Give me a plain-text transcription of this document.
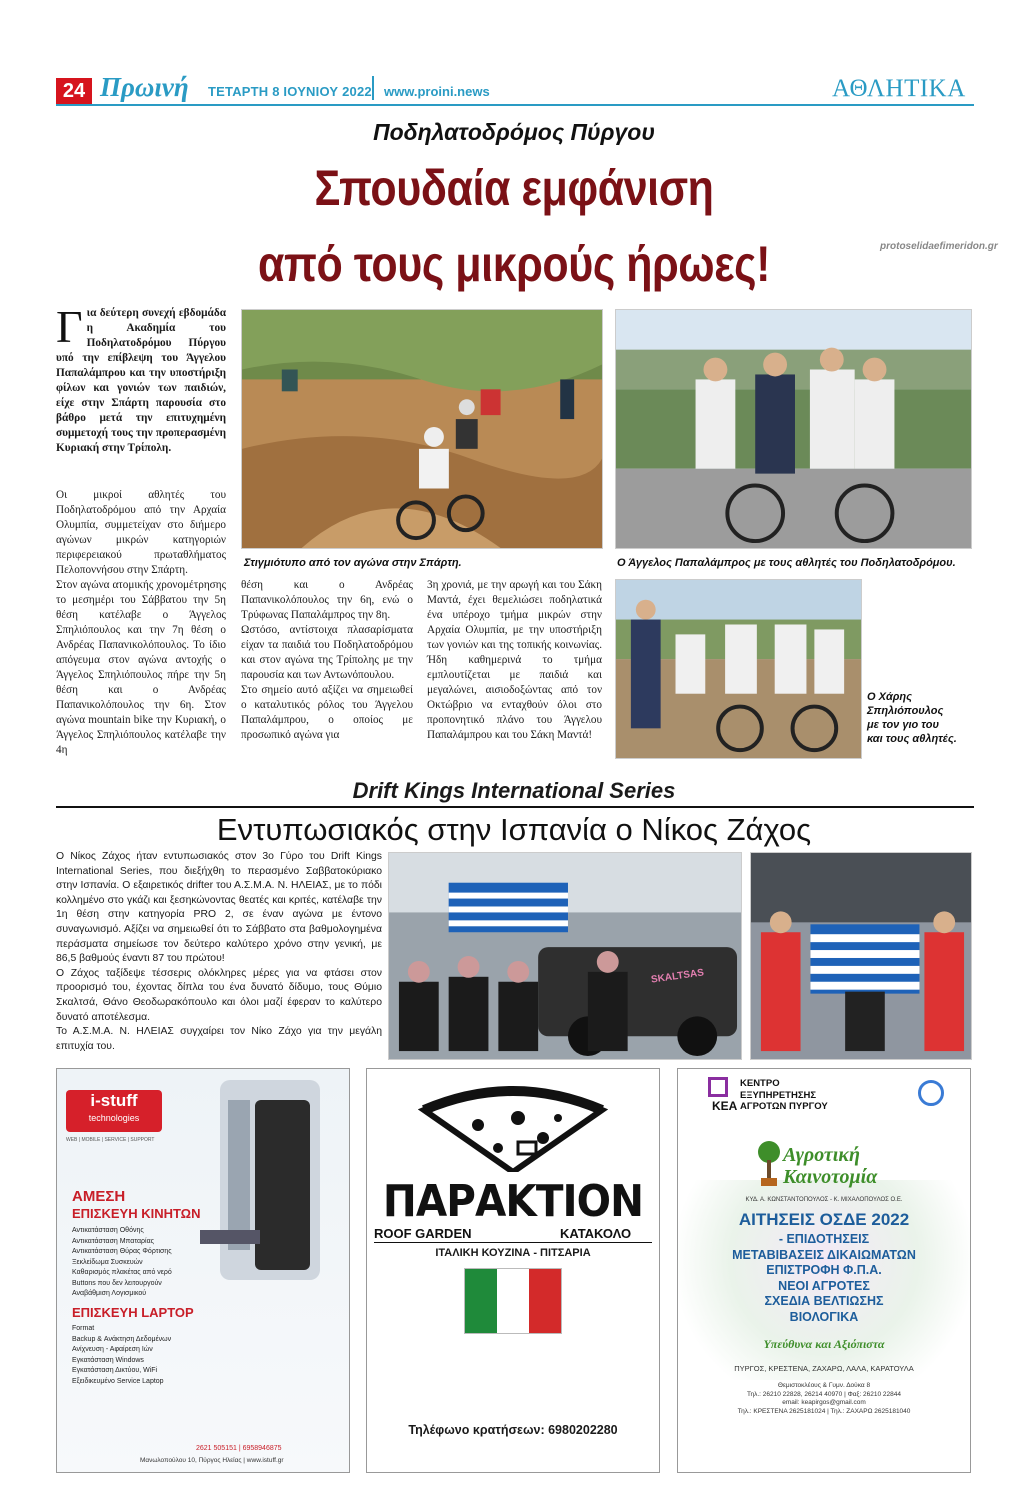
24 Πρωινή ΤΕΤΑΡΤΗ 8 ΙΟΥΝΙΟΥ 2022 www.proini.news	ΑΘΛΗΤΙΚΑ
Ποδηλατοδρόμος Πύργου
Σπουδαία εμφάνιση
από τους μικρούς ήρωες!	protoselidaefimeridon.gr
Για δεύτερη συνεχή εβδομάδα η Ακαδημία του Ποδηλατοδρόμου Πύργου υπό την επίβλεψη του Άγγελου Παπαλάμπρου και την υποστήριξη φίλων και γονιών των παιδιών, είχε στην Σπάρτη παρουσία στο βάθρο μετά την επιτυχημένη συμμετοχή τους την προπερασμένη Κυριακή στην Τρίπολη.

Οι μικροί αθλητές του Ποδηλατοδρόμου από την Αρχαία Ολυμπία, συμμετείχαν στο διήμερο αγώνων μικρών κατηγοριών περιφερειακού πρωταθλήματος Πελοποννήσου στην Σπάρτη.

Στον αγώνα ατομικής χρονομέτρησης το μεσημέρι του Σάββατου την 5η θέση κατέλαβε ο Άγγελος Σπηλιόπουλος και την 7η θέση ο Ανδρέας Παπανικολόπουλος. Το ίδιο απόγευμα στον αγώνα αντοχής ο Άγγελος Σπηλιόπουλος πήρε την 5η θέση και ο Ανδρέας Παπανικολόπουλος την 6η. Στον αγώνα mountain bike την Κυριακή, ο Άγγελος Σπηλιόπουλος κατέλαβε την 4η

θέση και ο Ανδρέας Παπανικολόπουλος την 6η, ενώ ο Τρύφωνας Παπαλάμπρος την 8η.

Ωστόσο, αντίστοιχα πλασαρίσματα είχαν τα παιδιά του Ποδηλατοδρόμου και στον αγώνα της Τρίπολης με την παρουσία και των Αντωνόπουλου.

Στο σημείο αυτό αξίζει να σημειωθεί ο καταλυτικός ρόλος του Άγγελου Παπαλάμπρου, ο οποίος με προσωπικό αγώνα για

3η χρονιά, με την αρωγή και του Σάκη Μαντά, έχει θεμελιώσει ποδηλατικά ένα υπέροχο τμήμα μικρών στην Αρχαία Ολυμπία, με την υποστήριξη των γονιών και της τοπικής κοινωνίας. Ήδη καθημερινά το τμήμα εμπλουτίζεται με παιδιά και μεγαλώνει, αισιοδοξώντας από τον Οκτώβριο να ενταχθούν όλοι στο προπονητικό πλάνο του Άγγελου Παπαλάμπρου και του Σάκη Μαντά!

Στιγμιότυπο από τον αγώνα στην Σπάρτη.	Ο Άγγελος Παπαλάμπρος με τους αθλητές του Ποδηλατοδρόμου.
Ο Χάρης
Σπηλιόπουλος
με τον γιο του
και τους αθλητές.
Drift Kings International Series
Εντυπωσιακός στην Ισπανία ο Νίκος Ζάχος

Ο Νίκος Ζάχος ήταν εντυπωσιακός στον 3ο Γύρο του Drift Kings International Series, που διεξήχθη το περασμένο Σαββατοκύριακο στην Ισπανία. Ο εξαιρετικός drifter του Α.Σ.Μ.Α. Ν. ΗΛΕΙΑΣ, με το πόδι κολλημένο στο γκάζι και ξεσηκώνοντας θεατές και κριτές, κατέλαβε την 1η θέση στην κατηγορία PRO 2, σε έναν αγώνα με έντονο συναγωνισμό. Αξίζει να σημειωθεί ότι το Σάββατο στα βαθμολογημένα περάσματα σημείωσε τον δεύτερο καλύτερο χρόνο στην γενική, με 86,5 βαθμούς έναντι 87 του πρώτου!

Ο Ζάχος ταξίδεψε τέσσερις ολόκληρες μέρες για να φτάσει στον προορισμό του, έχοντας δίπλα του ένα δυνατό δίδυμο, τους Θύμιο Σκαλτσά, Θάνο Θεοδωρακόπουλο και όλοι μαζί έφεραν το καλύτερο δυνατό αποτέλεσμα.

Το Α.Σ.Μ.Α. Ν. ΗΛΕΙΑΣ συγχαίρει τον Νίκο Ζάχο για την μεγάλη επιτυχία του.

SKALTSAS
i-stuff
technologies
WEB | MOBILE | SERVICE | SUPPORT
ΑΜΕΣΗ
ΕΠΙΣΚΕΥΗ ΚΙΝΗΤΩΝ
Αντικατάσταση Οθόνης
Αντικατάσταση Μπαταρίας
Αντικατάσταση Θύρας Φόρτισης
Ξεκλείδωμα Συσκευών
Καθαρισμός πλακέτας από νερό
Buttons που δεν λειτουργούν
Αναβάθμιση Λογισμικού
ΕΠΙΣΚΕΥΗ LAPTOP
Format
Backup & Ανάκτηση Δεδομένων
Ανίχνευση - Αφαίρεση Ιών
Εγκατάσταση Windows
Εγκατάσταση Δικτύου, WiFi
Εξειδικευμένο Service Laptop
2621 505151 | 6958946875
Μανωλοπούλου 10, Πύργος Ηλείας | www.istuff.gr
ΠΑΡΑΚΤΙΟΝ
ROOF GARDEN	ΚΑΤΑΚΟΛΟ
ΙΤΑΛΙΚΗ ΚΟΥΖΙΝΑ - ΠΙΤΣΑΡΙΑ
Τηλέφωνο κρατήσεων: 6980202280
ΚΕΑ
ΚΕΝΤΡΟ
ΕΞΥΠΗΡΕΤΗΣΗΣ
ΑΓΡΟΤΩΝ ΠΥΡΓΟΥ
Αγροτική
Καινοτομία
ΚΥΔ. Α. ΚΩΝΣΤΑΝΤΟΠΟΥΛΟΣ - Κ. ΜΙΧΑΛΟΠΟΥΛΟΣ Ο.Ε.
ΑΙΤΗΣΕΙΣ ΟΣΔΕ 2022
- ΕΠΙΔΟΤΗΣΕΙΣ
ΜΕΤΑΒΙΒΑΣΕΙΣ ΔΙΚΑΙΩΜΑΤΩΝ
ΕΠΙΣΤΡΟΦΗ Φ.Π.Α.
ΝΕΟΙ ΑΓΡΟΤΕΣ
ΣΧΕΔΙΑ ΒΕΛΤΙΩΣΗΣ
ΒΙΟΛΟΓΙΚΑ
Υπεύθυνα και Αξιόπιστα
ΠΥΡΓΟΣ, ΚΡΕΣΤΕΝΑ, ΖΑΧΑΡΩ, ΛΑΛΑ, ΚΑΡΑΤΟΥΛΑ
Θεμιστοκλέους & Γυμν. Δούκα 8
Τηλ.: 26210 22828, 26214 40970 | Φαξ: 26210 22844
email: keapirgos@gmail.com
Τηλ.: ΚΡΕΣΤΕΝΑ 2625181024 | Τηλ.: ΖΑΧΑΡΩ 2625181040
